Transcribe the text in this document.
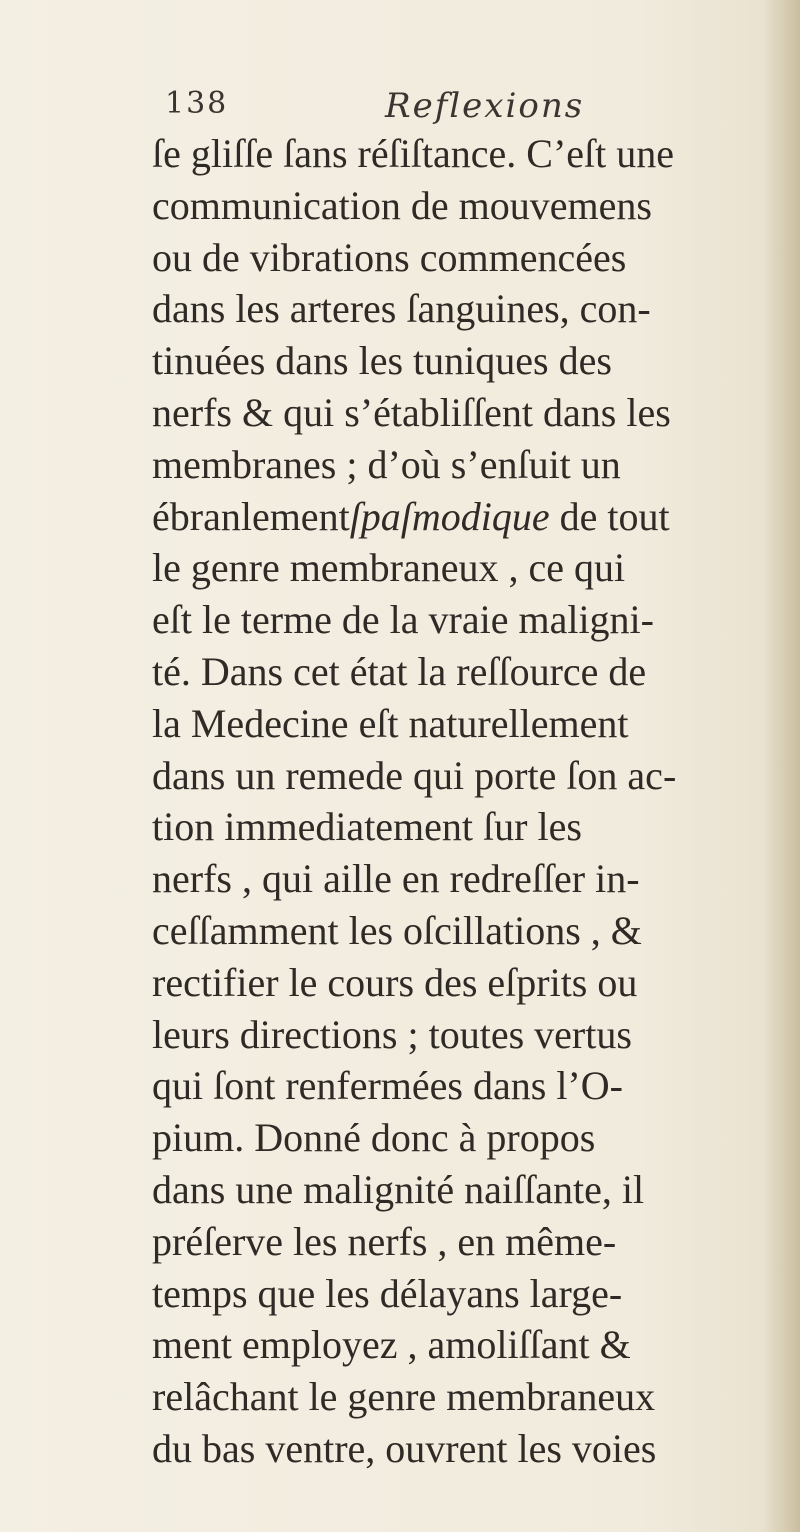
138	Reflexions
ſe gliſſe ſans réſiſtance. C’eſt une
communication de mouvemens
ou de vibrations commencées
dans les arteres ſanguines, con-
tinuées dans les tuniques des
nerfs & qui s’établiſſent dans les
membranes ; d’où s’enſuit un
ébranlementſpaſmodique de tout
le genre membraneux , ce qui
eſt le terme de la vraie maligni-
té. Dans cet état la reſſource de
la Medecine eſt naturellement
dans un remede qui porte ſon ac-
tion immediatement ſur les
nerfs , qui aille en redreſſer in-
ceſſamment les oſcillations , &
rectifier le cours des eſprits ou
leurs directions ; toutes vertus
qui ſont renfermées dans l’O-
pium. Donné donc à propos
dans une malignité naiſſante, il
préſerve les nerfs , en même-
temps que les délayans large-
ment employez , amoliſſant &
relâchant le genre membraneux
du bas ventre, ouvrent les voies
